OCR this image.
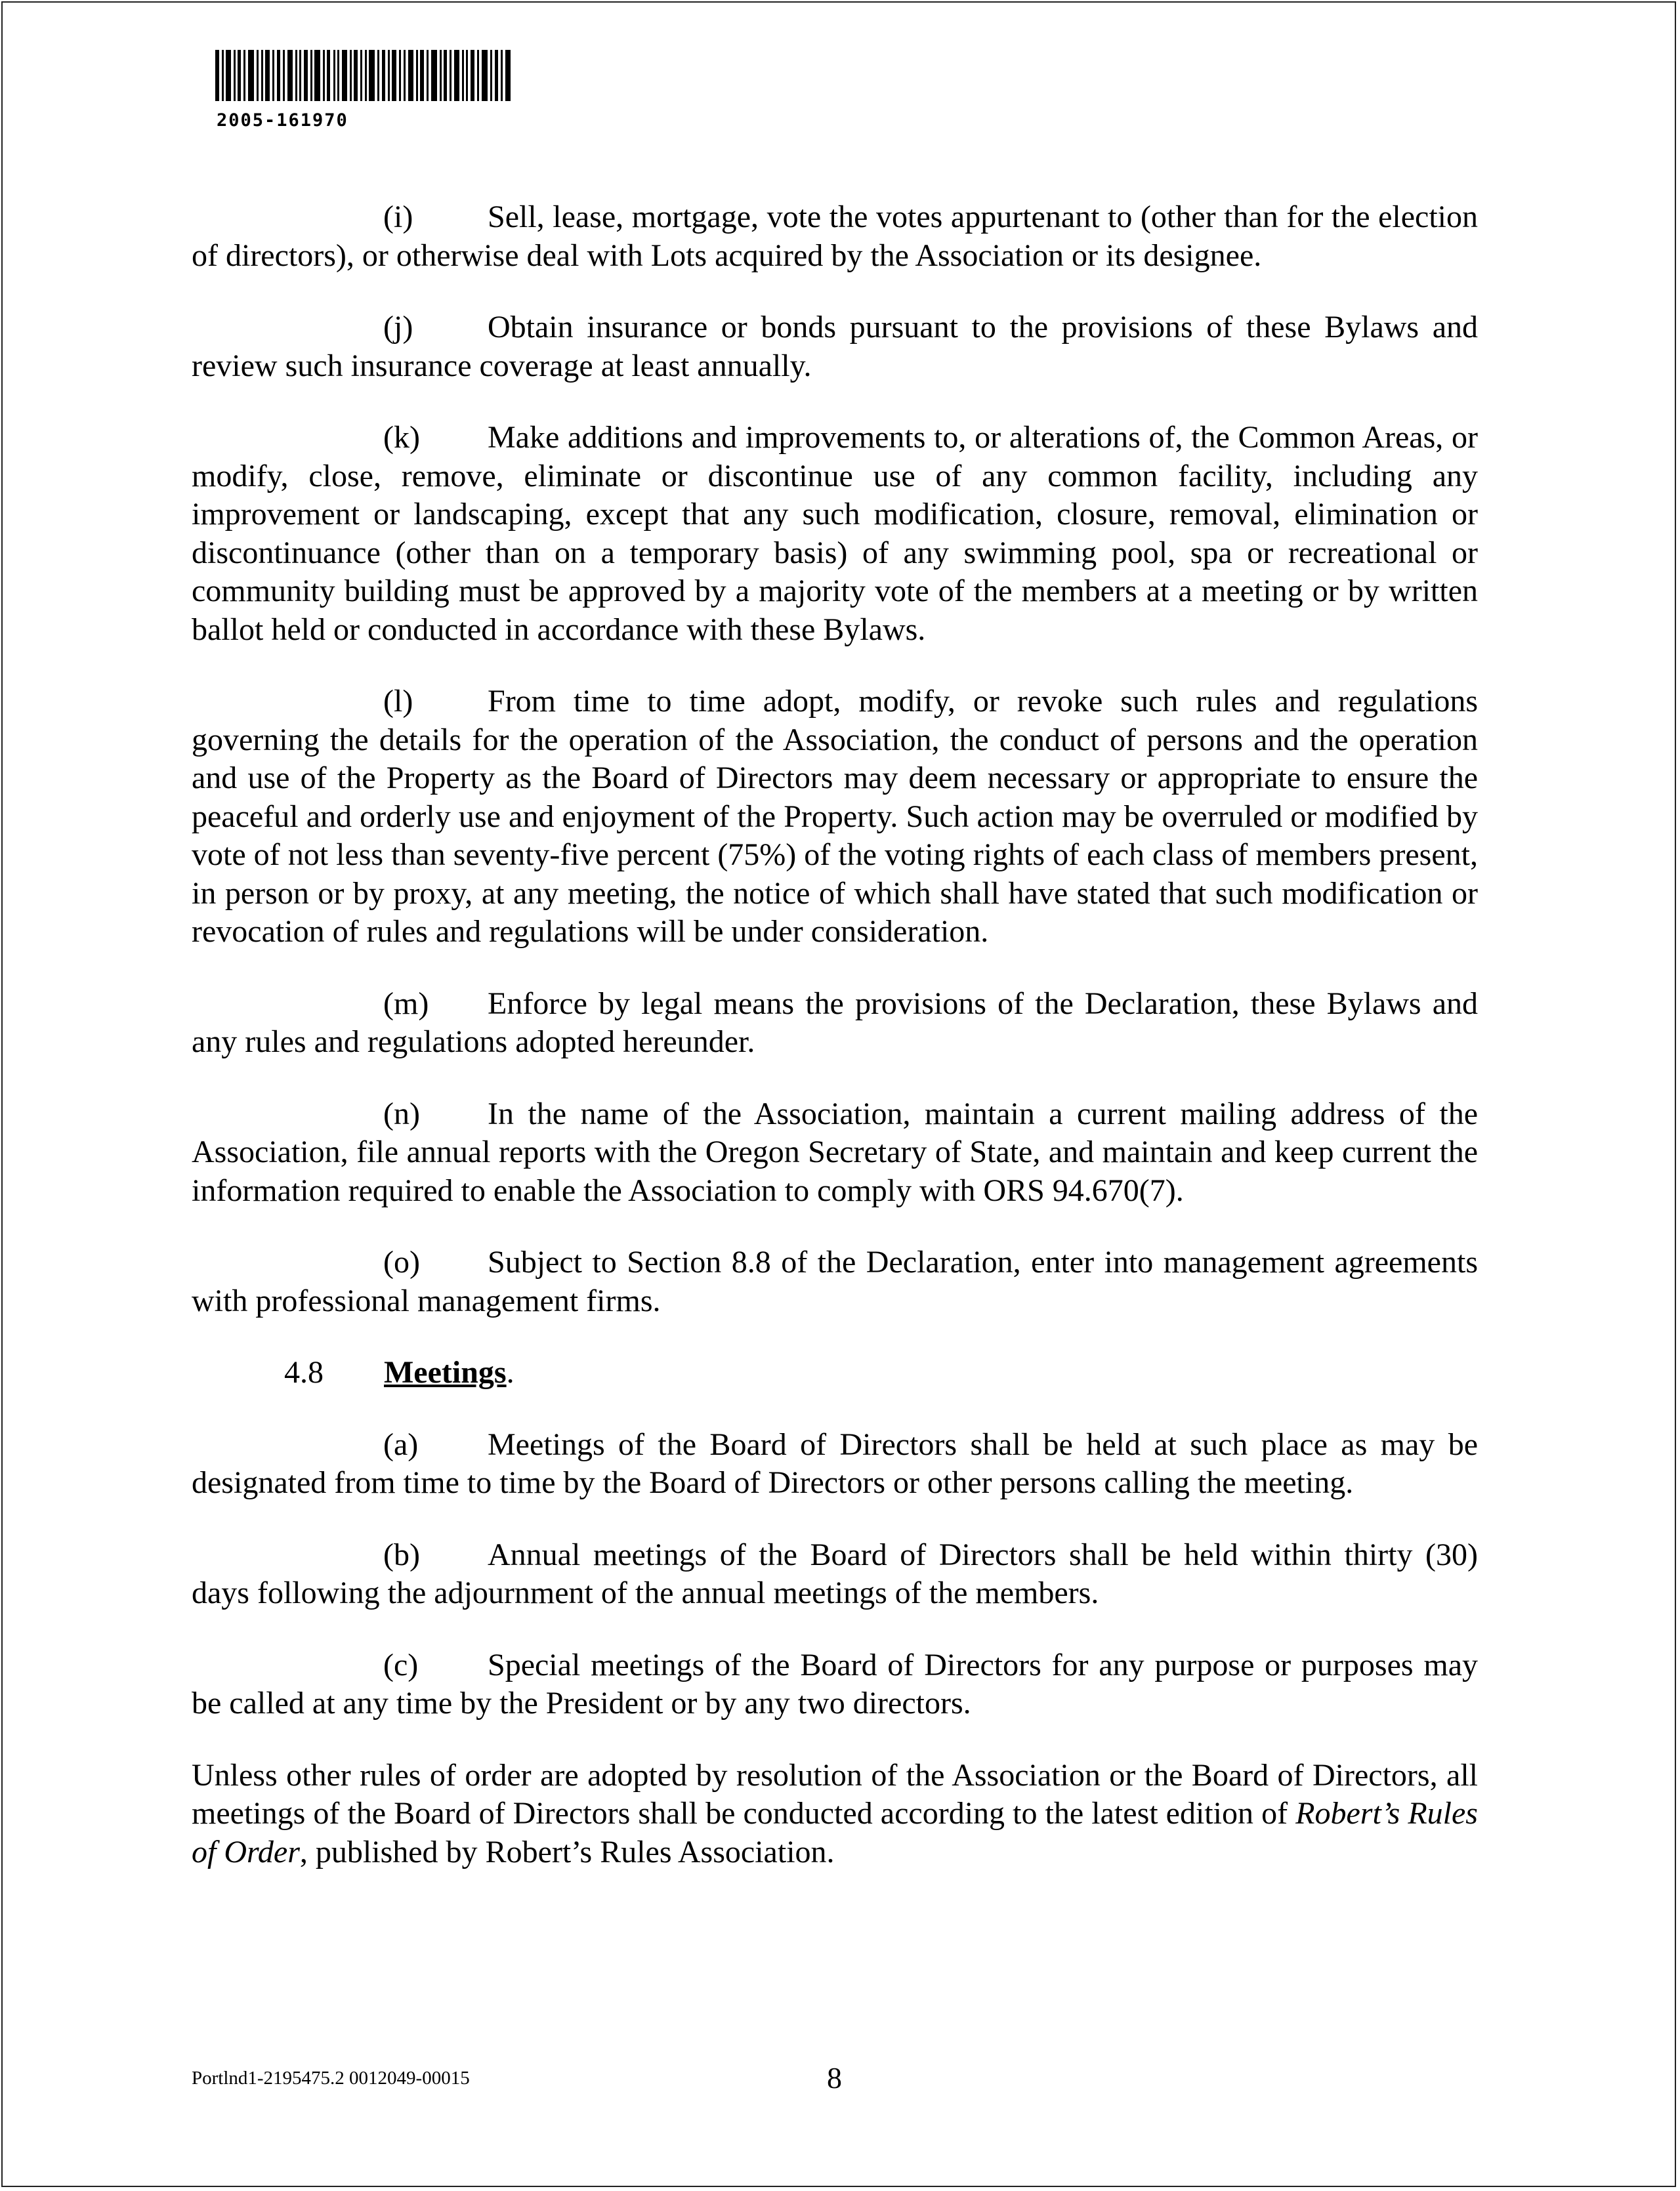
2005-161970

(i) Sell, lease, mortgage, vote the votes appurtenant to (other than for the election of directors), or otherwise deal with Lots acquired by the Association or its designee.

(j) Obtain insurance or bonds pursuant to the provisions of these Bylaws and review such insurance coverage at least annually.

(k) Make additions and improvements to, or alterations of, the Common Areas, or modify, close, remove, eliminate or discontinue use of any common facility, including any improvement or landscaping, except that any such modification, closure, removal, elimination or discontinuance (other than on a temporary basis) of any swimming pool, spa or recreational or community building must be approved by a majority vote of the members at a meeting or by written ballot held or conducted in accordance with these Bylaws.

(l) From time to time adopt, modify, or revoke such rules and regulations governing the details for the operation of the Association, the conduct of persons and the operation and use of the Property as the Board of Directors may deem necessary or appropriate to ensure the peaceful and orderly use and enjoyment of the Property. Such action may be overruled or modified by vote of not less than seventy-five percent (75%) of the voting rights of each class of members present, in person or by proxy, at any meeting, the notice of which shall have stated that such modification or revocation of rules and regulations will be under consideration.

(m) Enforce by legal means the provisions of the Declaration, these Bylaws and any rules and regulations adopted hereunder.

(n) In the name of the Association, maintain a current mailing address of the Association, file annual reports with the Oregon Secretary of State, and maintain and keep current the information required to enable the Association to comply with ORS 94.670(7).

(o) Subject to Section 8.8 of the Declaration, enter into management agreements with professional management firms.

4.8 Meetings.

(a) Meetings of the Board of Directors shall be held at such place as may be designated from time to time by the Board of Directors or other persons calling the meeting.

(b) Annual meetings of the Board of Directors shall be held within thirty (30) days following the adjournment of the annual meetings of the members.

(c) Special meetings of the Board of Directors for any purpose or purposes may be called at any time by the President or by any two directors.

Unless other rules of order are adopted by resolution of the Association or the Board of Directors, all meetings of the Board of Directors shall be conducted according to the latest edition of Robert’s Rules of Order, published by Robert’s Rules Association.

Portlnd1-2195475.2 0012049-00015	8
